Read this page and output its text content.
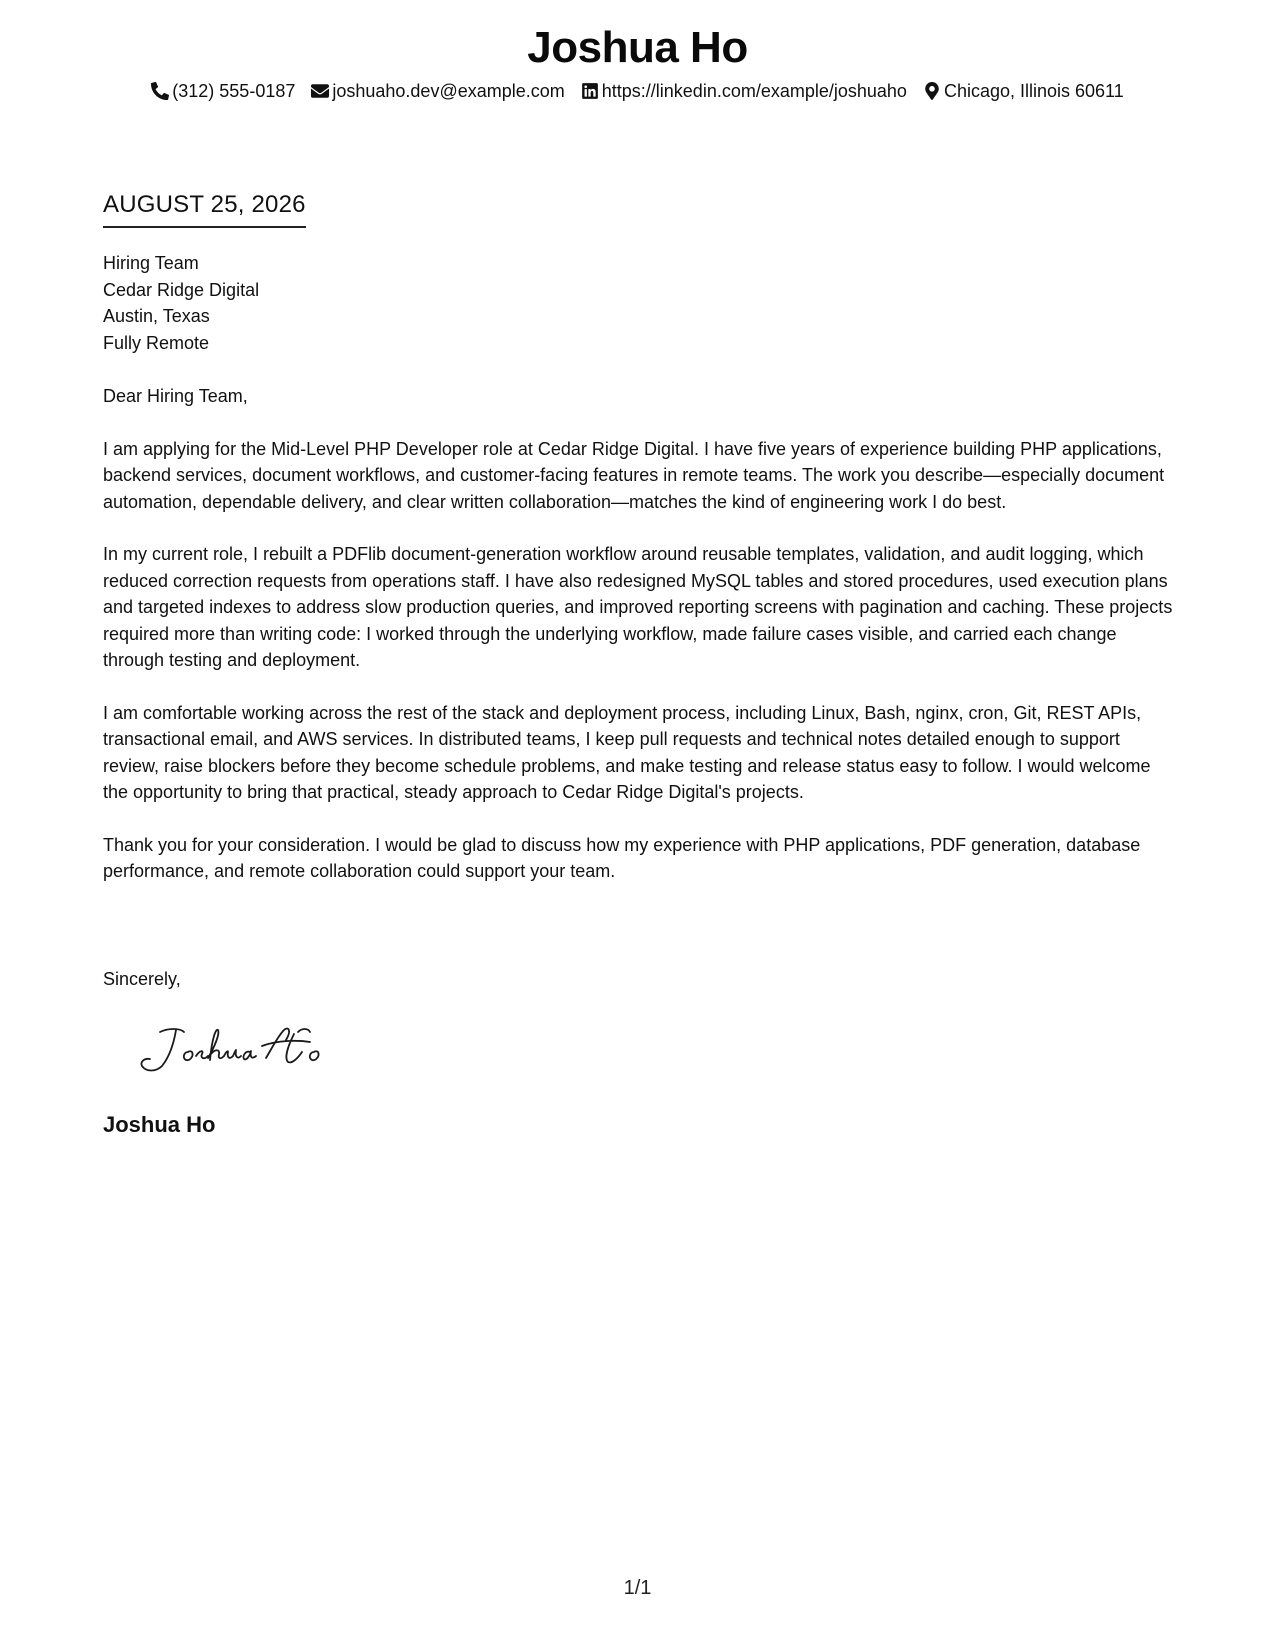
Joshua Ho
(312) 555-0187 joshuaho.dev@example.com https://linkedin.com/example/joshuaho Chicago, Illinois 60611
AUGUST 25, 2026
Hiring Team
Cedar Ridge Digital
Austin, Texas
Fully Remote

Dear Hiring Team,

I am applying for the Mid-Level PHP Developer role at Cedar Ridge Digital. I have five years of experience building PHP applications, backend services, document workflows, and customer-facing features in remote teams. The work you describe—especially document automation, dependable delivery, and clear written collaboration—matches the kind of engineering work I do best.

In my current role, I rebuilt a PDFlib document-generation workflow around reusable templates, validation, and audit logging, which reduced correction requests from operations staff. I have also redesigned MySQL tables and stored procedures, used execution plans and targeted indexes to address slow production queries, and improved reporting screens with pagination and caching. These projects required more than writing code: I worked through the underlying workflow, made failure cases visible, and carried each change through testing and deployment.

I am comfortable working across the rest of the stack and deployment process, including Linux, Bash, nginx, cron, Git, REST APIs, transactional email, and AWS services. In distributed teams, I keep pull requests and technical notes detailed enough to support review, raise blockers before they become schedule problems, and make testing and release status easy to follow. I would welcome the opportunity to bring that practical, steady approach to Cedar Ridge Digital's projects.

Thank you for your consideration. I would be glad to discuss how my experience with PHP applications, PDF generation, database performance, and remote collaboration could support your team.

Sincerely,
Joshua Ho
1/1
